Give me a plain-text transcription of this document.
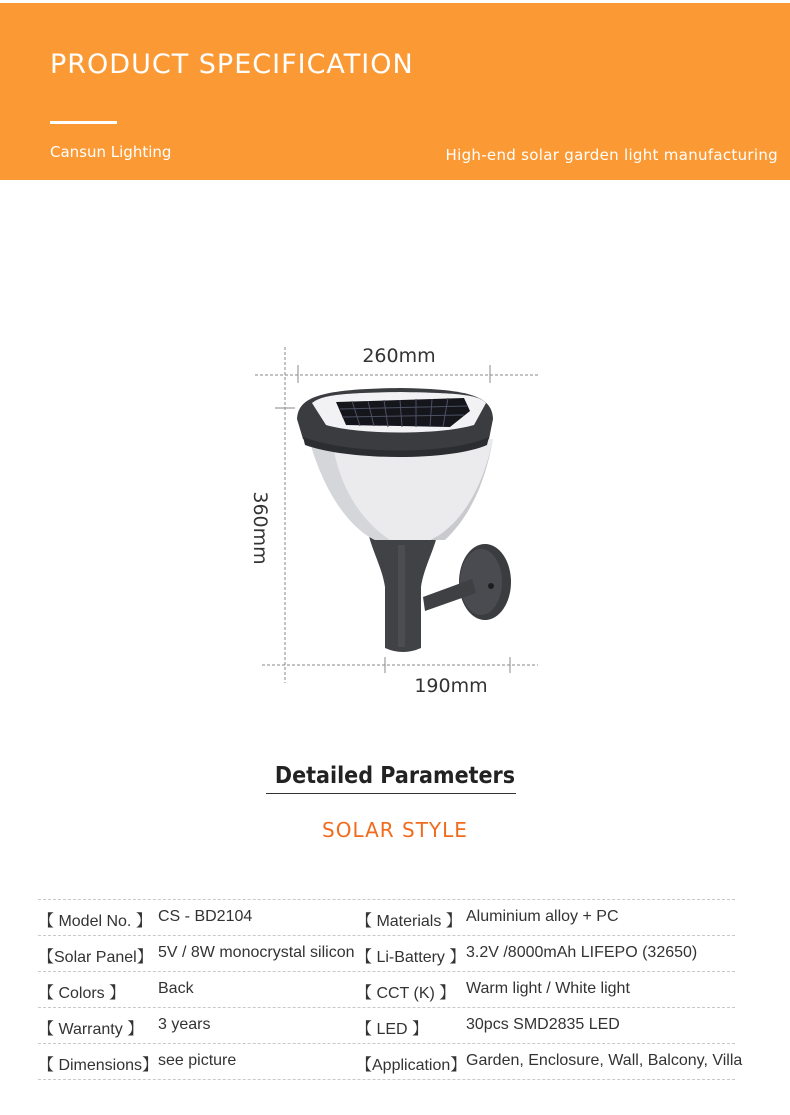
PRODUCT SPECIFICATION
Cansun Lighting	High-end solar garden light manufacturing
260mm
190mm
360mm
Detailed Parameters
SOLAR STYLE
【 Model No. 】 CS - BD2104	【 Materials 】 Aluminium alloy + PC
【Solar Panel】 5V / 8W monocrystal silicon 【 Li-Battery 】 3.2V /8000mAh LIFEPO (32650)
【 Colors 】	Back	【 CCT (K) 】 Warm light / White light
【 Warranty 】 3 years	【 LED 】	30pcs SMD2835 LED
【 Dimensions】 see picture	【Application】 Garden, Enclosure, Wall, Balcony, Villa
